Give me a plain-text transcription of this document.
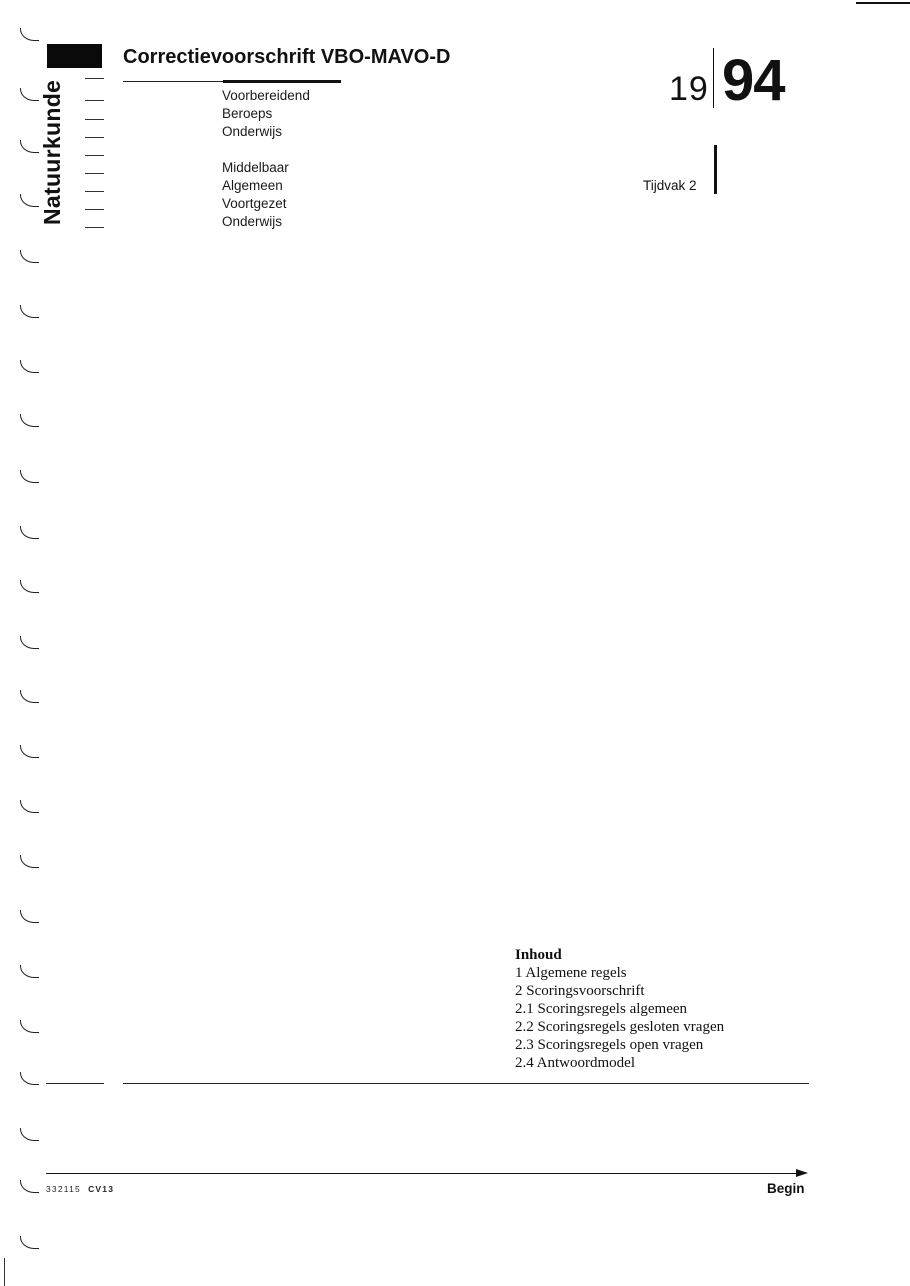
Natuurkunde
Correctievoorschrift VBO-MAVO-D
Voorbereidend
Beroeps
Onderwijs
Middelbaar
Algemeen
Voortgezet
Onderwijs
19 94
Tijdvak 2
Inhoud
1 Algemene regels
2 Scoringsvoorschrift
2.1 Scoringsregels algemeen
2.2 Scoringsregels gesloten vragen
2.3 Scoringsregels open vragen
2.4 Antwoordmodel
332115 CV13	Begin
